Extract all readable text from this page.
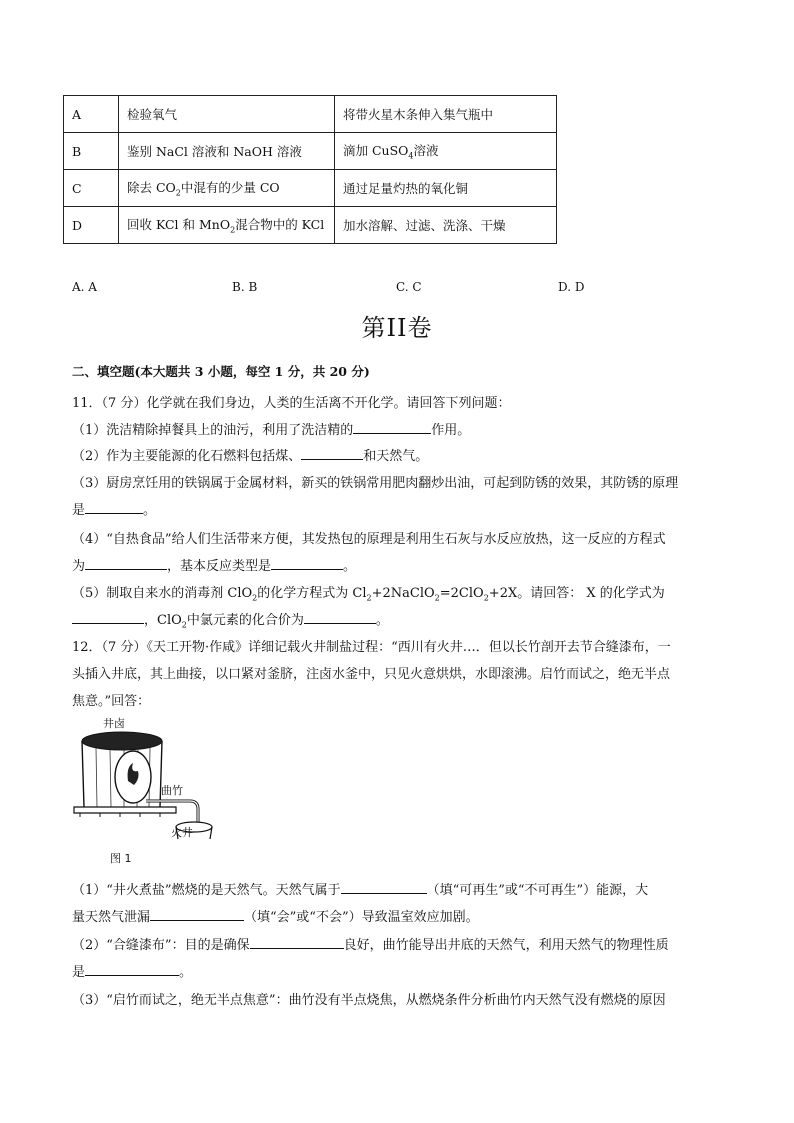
A	检验氧气	将带火星木条伸入集气瓶中
B	鉴别 NaCl 溶液和 NaOH 溶液	滴加 CuSO$_4$溶液
C	除去 $CO_2$中混有的少量 CO	通过足量灼热的氧化铜
D	回收 KCl 和 MnO$_2$混合物中的 KCl	加水溶解、过滤、洗涤、干燥
A. A	B. B	C. C	D. D
第II卷
二、填空题(本大题共 3 小题，每空 1 分，共 20 分)
11．（7 分）化学就在我们身边，人类的生活离不开化学。请回答下列问题：
（1）洗洁精除掉餐具上的油污，利用了洗洁精的	作用。
（2）作为主要能源的化石燃料包括煤、	和天然气。
（3）厨房烹饪用的铁锅属于金属材料，新买的铁锅常用肥肉翻炒出油，可起到防锈的效果，其防锈的原理
是	。
（4）“自热食品”给人们生活带来方便，其发热包的原理是利用生石灰与水反应放热，这一反应的方程式
为	，基本反应类型是	。
（5）制取自来水的消毒剂 ClO$_2$的化学方程式为 $Cl_2+2NaClO_2=2ClO_2+2X$。请回答： X 的化学式为
，ClO$_2$中氯元素的化合价为	。
12．（7 分）《天工开物·作咸》详细记载火井制盐过程：“西川有火井…．但以长竹剖开去节合缝漆布，一
头插入井底，其上曲接，以口紧对釜脐，注卤水釜中，只见火意烘烘，水即滚沸。启竹而试之，绝无半点
焦意。”回答：
井卤
曲竹
火井
图 1
（1）“井火煮盐”燃烧的是天然气。天然气属于	（填“可再生”或“不可再生”）能源，大
量天然气泄漏	（填“会”或“不会”）导致温室效应加剧。
（2）“合缝漆布”：目的是确保	良好，曲竹能导出井底的天然气，利用天然气的物理性质
是	。
（3）“启竹而试之，绝无半点焦意”：曲竹没有半点烧焦，从燃烧条件分析曲竹内天然气没有燃烧的原因
